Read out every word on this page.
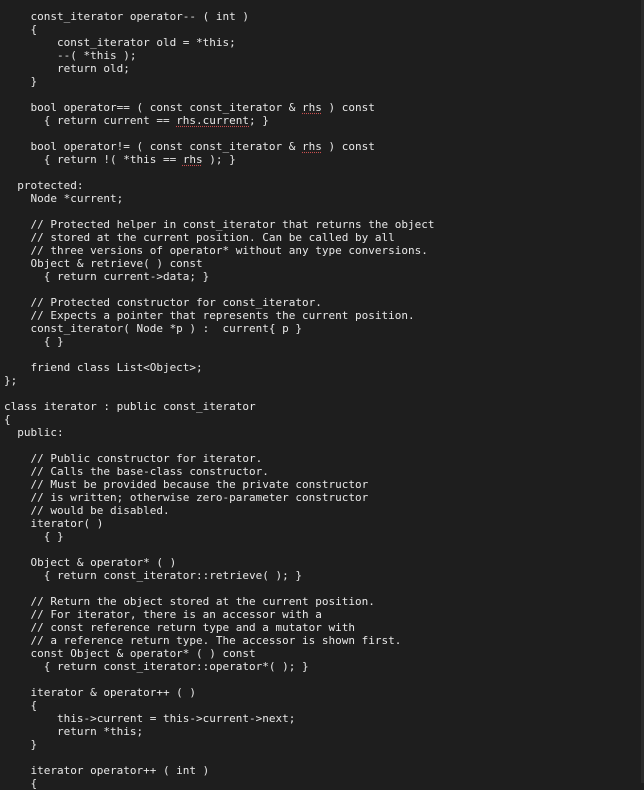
const_iterator operator-- ( int )
{
const_iterator old = *this;
--( *this );
return old;
}
bool operator== ( const const_iterator & rhs ) const
{ return current == rhs.current; }
bool operator!= ( const const_iterator & rhs ) const
{ return !( *this == rhs ); }
protected:
Node *current;
// Protected helper in const_iterator that returns the object
// stored at the current position. Can be called by all
// three versions of operator* without any type conversions.
Object & retrieve( ) const
{ return current->data; }
// Protected constructor for const_iterator.
// Expects a pointer that represents the current position.
const_iterator( Node *p ) :  current{ p }
{ }
friend class List<Object>;
};
class iterator : public const_iterator
{
public:
// Public constructor for iterator.
// Calls the base-class constructor.
// Must be provided because the private constructor
// is written; otherwise zero-parameter constructor
// would be disabled.
iterator( )
{ }
Object & operator* ( )
{ return const_iterator::retrieve( ); }
// Return the object stored at the current position.
// For iterator, there is an accessor with a
// const reference return type and a mutator with
// a reference return type. The accessor is shown first.
const Object & operator* ( ) const
{ return const_iterator::operator*( ); }
iterator & operator++ ( )
{
this->current = this->current->next;
return *this;
}
iterator operator++ ( int )
{
